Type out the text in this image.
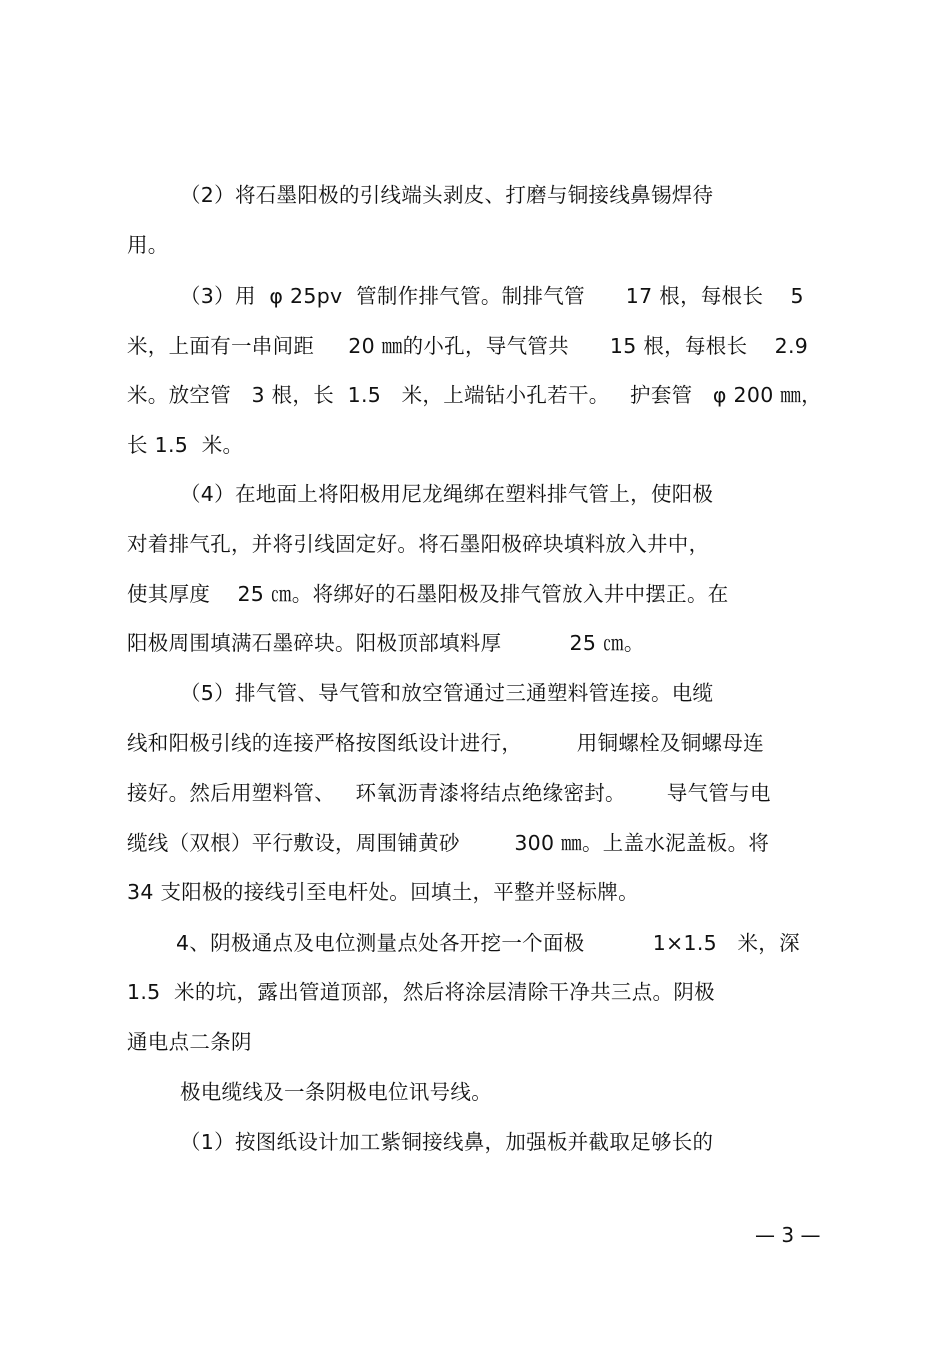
（2）将石墨阳极的引线端头剥皮、打磨与铜接线鼻锡焊待
用。
（3）用  φ 25pv  管制作排气管。制排气管      17 根，每根长    5
米，上面有一串间距     20 ㎜的小孔，导气管共      15 根，每根长    2.9
米。放空管   3 根，长  1.5   米，上端钻小孔若干。   护套管   φ 200 ㎜，
长 1.5  米。
（4）在地面上将阳极用尼龙绳绑在塑料排气管上，使阳极
对着排气孔，并将引线固定好。将石墨阳极碎块填料放入井中，
使其厚度    25 ㎝。将绑好的石墨阳极及排气管放入井中摆正。在
阳极周围填满石墨碎块。阳极顶部填料厚          25 ㎝。
（5）排气管、导气管和放空管通过三通塑料管连接。电缆
线和阳极引线的连接严格按图纸设计进行，        用铜螺栓及铜螺母连
接好。然后用塑料管、   环氧沥青漆将结点绝缘密封。      导气管与电
缆线（双根）平行敷设，周围铺黄砂        300 ㎜。上盖水泥盖板。将
34 支阳极的接线引至电杆处。回填土，平整并竖标牌。
4、阴极通点及电位测量点处各开挖一个面极          1×1.5   米，深
1.5  米的坑，露出管道顶部，然后将涂层清除干净共三点。阴极
通电点二条阴
极电缆线及一条阴极电位讯号线。
（1）按图纸设计加工紫铜接线鼻，加强板并截取足够长的
— 3 —
